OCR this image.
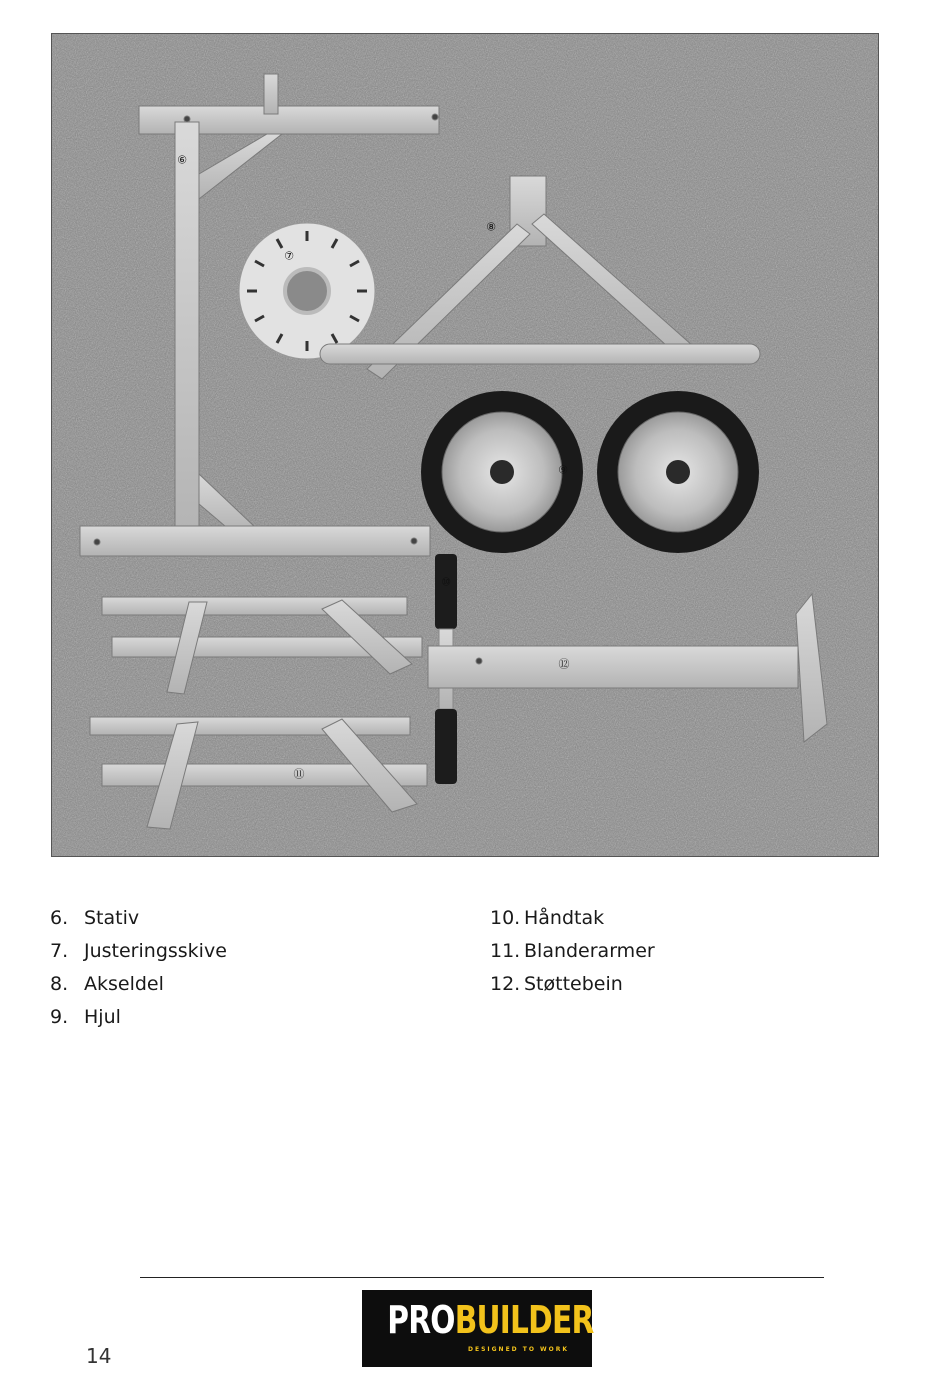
⑥
⑦
⑧
⑨
⑩
⑪
⑫
6. Stativ
7. Justeringsskive
8. Akseldel
9. Hjul
10. Håndtak
11. Blanderarmer
12. Støttebein
14
PROBUILDER
DESIGNED TO WORK
